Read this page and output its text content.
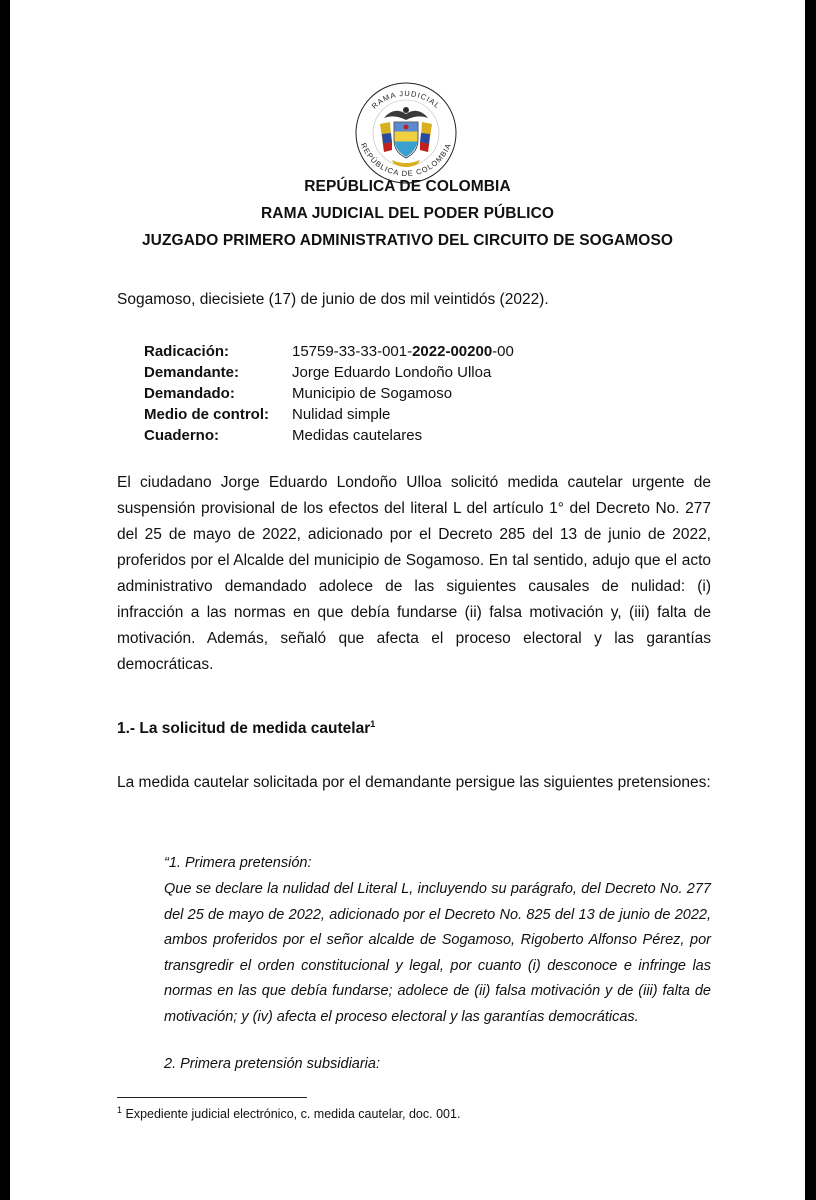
RAMA JUDICIAL
REPÚBLICA DE COLOMBIA
REPÚBLICA DE COLOMBIA
RAMA JUDICIAL DEL PODER PÚBLICO
JUZGADO PRIMERO ADMINISTRATIVO DEL CIRCUITO DE SOGAMOSO
Sogamoso, diecisiete (17) de junio de dos mil veintidós (2022).
Radicación:	15759-33-33-001-2022-00200-00
Demandante:	Jorge Eduardo Londoño Ulloa
Demandado:	Municipio de Sogamoso
Medio de control: Nulidad simple
Cuaderno:	Medidas cautelares
El ciudadano Jorge Eduardo Londoño Ulloa solicitó medida cautelar urgente de suspensión provisional de los efectos del literal L del artículo 1° del Decreto No. 277 del 25 de mayo de 2022, adicionado por el Decreto 285 del 13 de junio de 2022, proferidos por el Alcalde del municipio de Sogamoso. En tal sentido, adujo que el acto administrativo demandado adolece de las siguientes causales de nulidad: (i) infracción a las normas en que debía fundarse (ii) falsa motivación y, (iii) falta de motivación. Además, señaló que afecta el proceso electoral y las garantías democráticas.
1.- La solicitud de medida cautelar$^1$
La medida cautelar solicitada por el demandante persigue las siguientes pretensiones:
“1. Primera pretensión:
Que se declare la nulidad del Literal L, incluyendo su parágrafo, del Decreto No. 277 del 25 de mayo de 2022, adicionado por el Decreto No. 825 del 13 de junio de 2022, ambos proferidos por el señor alcalde de Sogamoso, Rigoberto Alfonso Pérez, por transgredir el orden constitucional y legal, por cuanto (i) desconoce e infringe las normas en las que debía fundarse; adolece de (ii) falsa motivación y de (iii) falta de motivación; y (iv) afecta el proceso electoral y las garantías democráticas.
2. Primera pretensión subsidiaria:
$^1$ Expediente judicial electrónico, c. medida cautelar, doc. 001.
